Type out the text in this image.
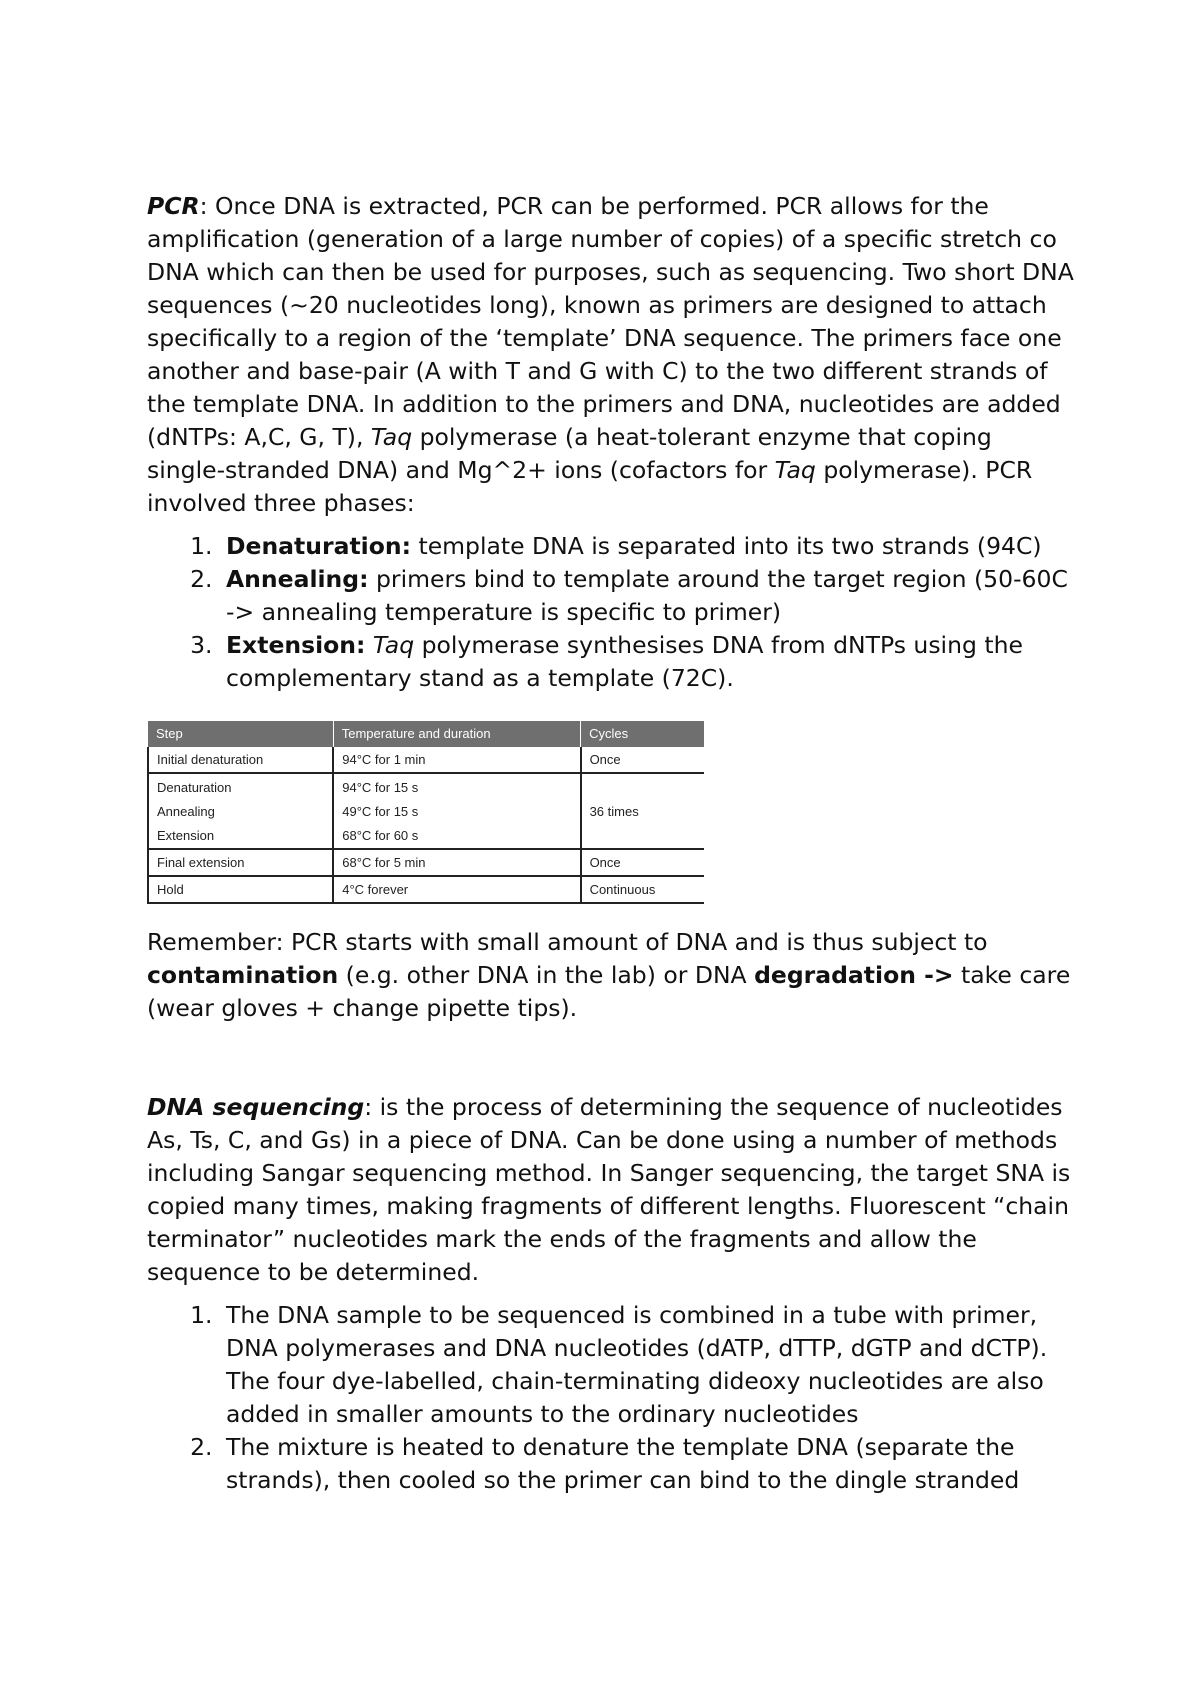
PCR: Once DNA is extracted, PCR can be performed. PCR allows for the amplification (generation of a large number of copies) of a specific stretch co DNA which can then be used for purposes, such as sequencing. Two short DNA sequences (~20 nucleotides long), known as primers are designed to attach specifically to a region of the ‘template’ DNA sequence. The primers face one another and base-pair (A with T and G with C) to the two different strands of the template DNA. In addition to the primers and DNA, nucleotides are added (dNTPs: A,C, G, T), Taq polymerase (a heat-tolerant enzyme that coping single-stranded DNA) and Mg^2+ ions (cofactors for Taq polymerase). PCR involved three phases:

1. Denaturation: template DNA is separated into its two strands (94C)
2. Annealing: primers bind to template around the target region (50-60C -> annealing temperature is specific to primer)
3. Extension: Taq polymerase synthesises DNA from dNTPs using the complementary stand as a template (72C).
Step	Temperature and duration	Cycles
Initial denaturation	94°C for 1 min	Once
Denaturation	94°C for 15 s	36 times
Annealing	49°C for 15 s	
Extension	68°C for 60 s	
Final extension	68°C for 5 min	Once
Hold	4°C forever	Continuous

Remember: PCR starts with small amount of DNA and is thus subject to contamination (e.g. other DNA in the lab) or DNA degradation -> take care (wear gloves + change pipette tips).

DNA sequencing: is the process of determining the sequence of nucleotides As, Ts, C, and Gs) in a piece of DNA. Can be done using a number of methods including Sangar sequencing method. In Sanger sequencing, the target SNA is copied many times, making fragments of different lengths. Fluorescent “chain terminator” nucleotides mark the ends of the fragments and allow the sequence to be determined.

1. The DNA sample to be sequenced is combined in a tube with primer, DNA polymerases and DNA nucleotides (dATP, dTTP, dGTP and dCTP). The four dye-labelled, chain-terminating dideoxy nucleotides are also added in smaller amounts to the ordinary nucleotides
2. The mixture is heated to denature the template DNA (separate the strands), then cooled so the primer can bind to the dingle stranded
